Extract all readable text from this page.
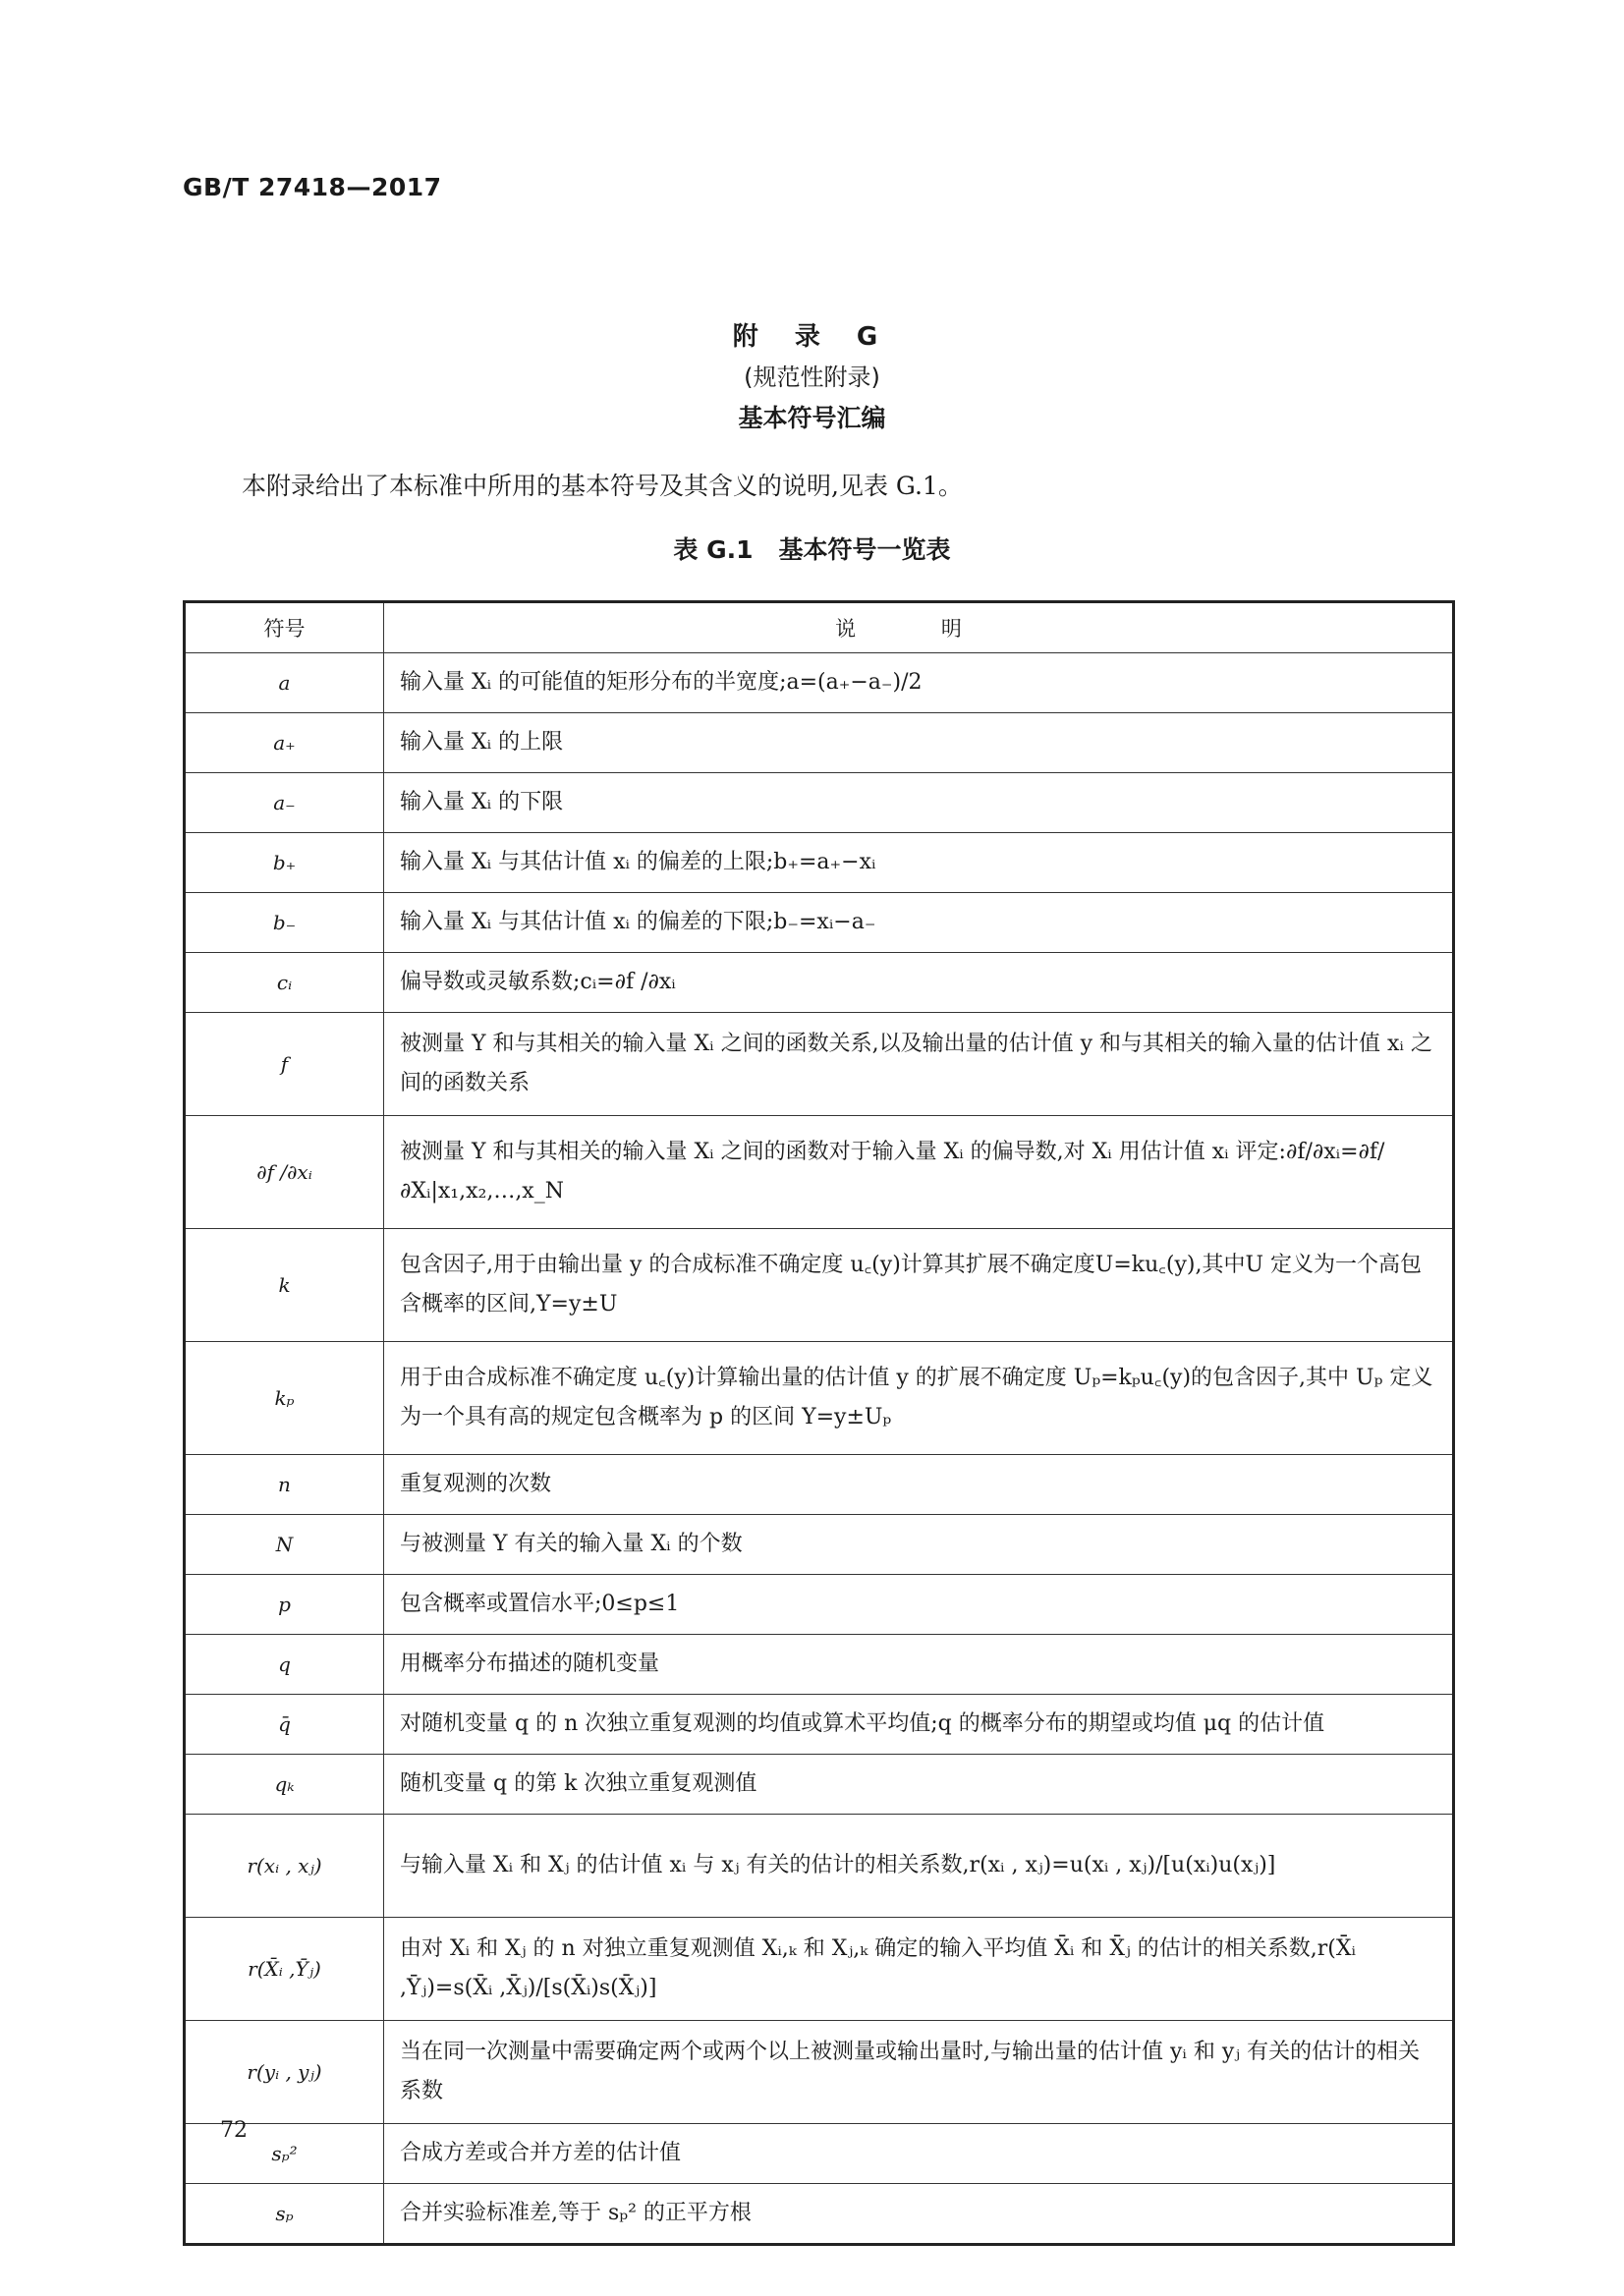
GB/T 27418—2017
附 录 G
(规范性附录)
基本符号汇编
本附录给出了本标准中所用的基本符号及其含义的说明,见表 G.1。
表 G.1 基本符号一览表
符号	说 明
a	输入量 Xᵢ 的可能值的矩形分布的半宽度;a=(a₊−a₋)/2
a₊	输入量 Xᵢ 的上限
a₋	输入量 Xᵢ 的下限
b₊	输入量 Xᵢ 与其估计值 xᵢ 的偏差的上限;b₊=a₊−xᵢ
b₋	输入量 Xᵢ 与其估计值 xᵢ 的偏差的下限;b₋=xᵢ−a₋
cᵢ	偏导数或灵敏系数;cᵢ=∂f /∂xᵢ
f	被测量 Y 和与其相关的输入量 Xᵢ 之间的函数关系,以及输出量的估计值 y 和与其相关的输入量的估计值 xᵢ 之间的函数关系
∂f /∂xᵢ	被测量 Y 和与其相关的输入量 Xᵢ 之间的函数对于输入量 Xᵢ 的偏导数,对 Xᵢ 用估计值 xᵢ 评定:∂f/∂xᵢ=∂f/∂Xᵢ|x₁,x₂,…,x_N
k	包含因子,用于由输出量 y 的合成标准不确定度 u꜀(y)计算其扩展不确定度U=ku꜀(y),其中U 定义为一个高包含概率的区间,Y=y±U
kₚ	用于由合成标准不确定度 u꜀(y)计算输出量的估计值 y 的扩展不确定度 Uₚ=kₚu꜀(y)的包含因子,其中 Uₚ 定义为一个具有高的规定包含概率为 p 的区间 Y=y±Uₚ
n	重复观测的次数
N	与被测量 Y 有关的输入量 Xᵢ 的个数
p	包含概率或置信水平;0≤p≤1
q	用概率分布描述的随机变量
q̄	对随机变量 q 的 n 次独立重复观测的均值或算术平均值;q 的概率分布的期望或均值 μq 的估计值
qₖ	随机变量 q 的第 k 次独立重复观测值
r(xᵢ , xⱼ)	与输入量 Xᵢ 和 Xⱼ 的估计值 xᵢ 与 xⱼ 有关的估计的相关系数,r(xᵢ , xⱼ)=u(xᵢ , xⱼ)/[u(xᵢ)u(xⱼ)]
r(X̄ᵢ ,Ȳⱼ)	由对 Xᵢ 和 Xⱼ 的 n 对独立重复观测值 Xᵢ,ₖ 和 Xⱼ,ₖ 确定的输入平均值 X̄ᵢ 和 X̄ⱼ 的估计的相关系数,r(X̄ᵢ ,Ȳⱼ)=s(X̄ᵢ ,X̄ⱼ)/[s(X̄ᵢ)s(X̄ⱼ)]
r(yᵢ , yⱼ)	当在同一次测量中需要确定两个或两个以上被测量或输出量时,与输出量的估计值 yᵢ 和 yⱼ 有关的估计的相关系数
sₚ²	合成方差或合并方差的估计值
sₚ	合并实验标准差,等于 sₚ² 的正平方根
72
